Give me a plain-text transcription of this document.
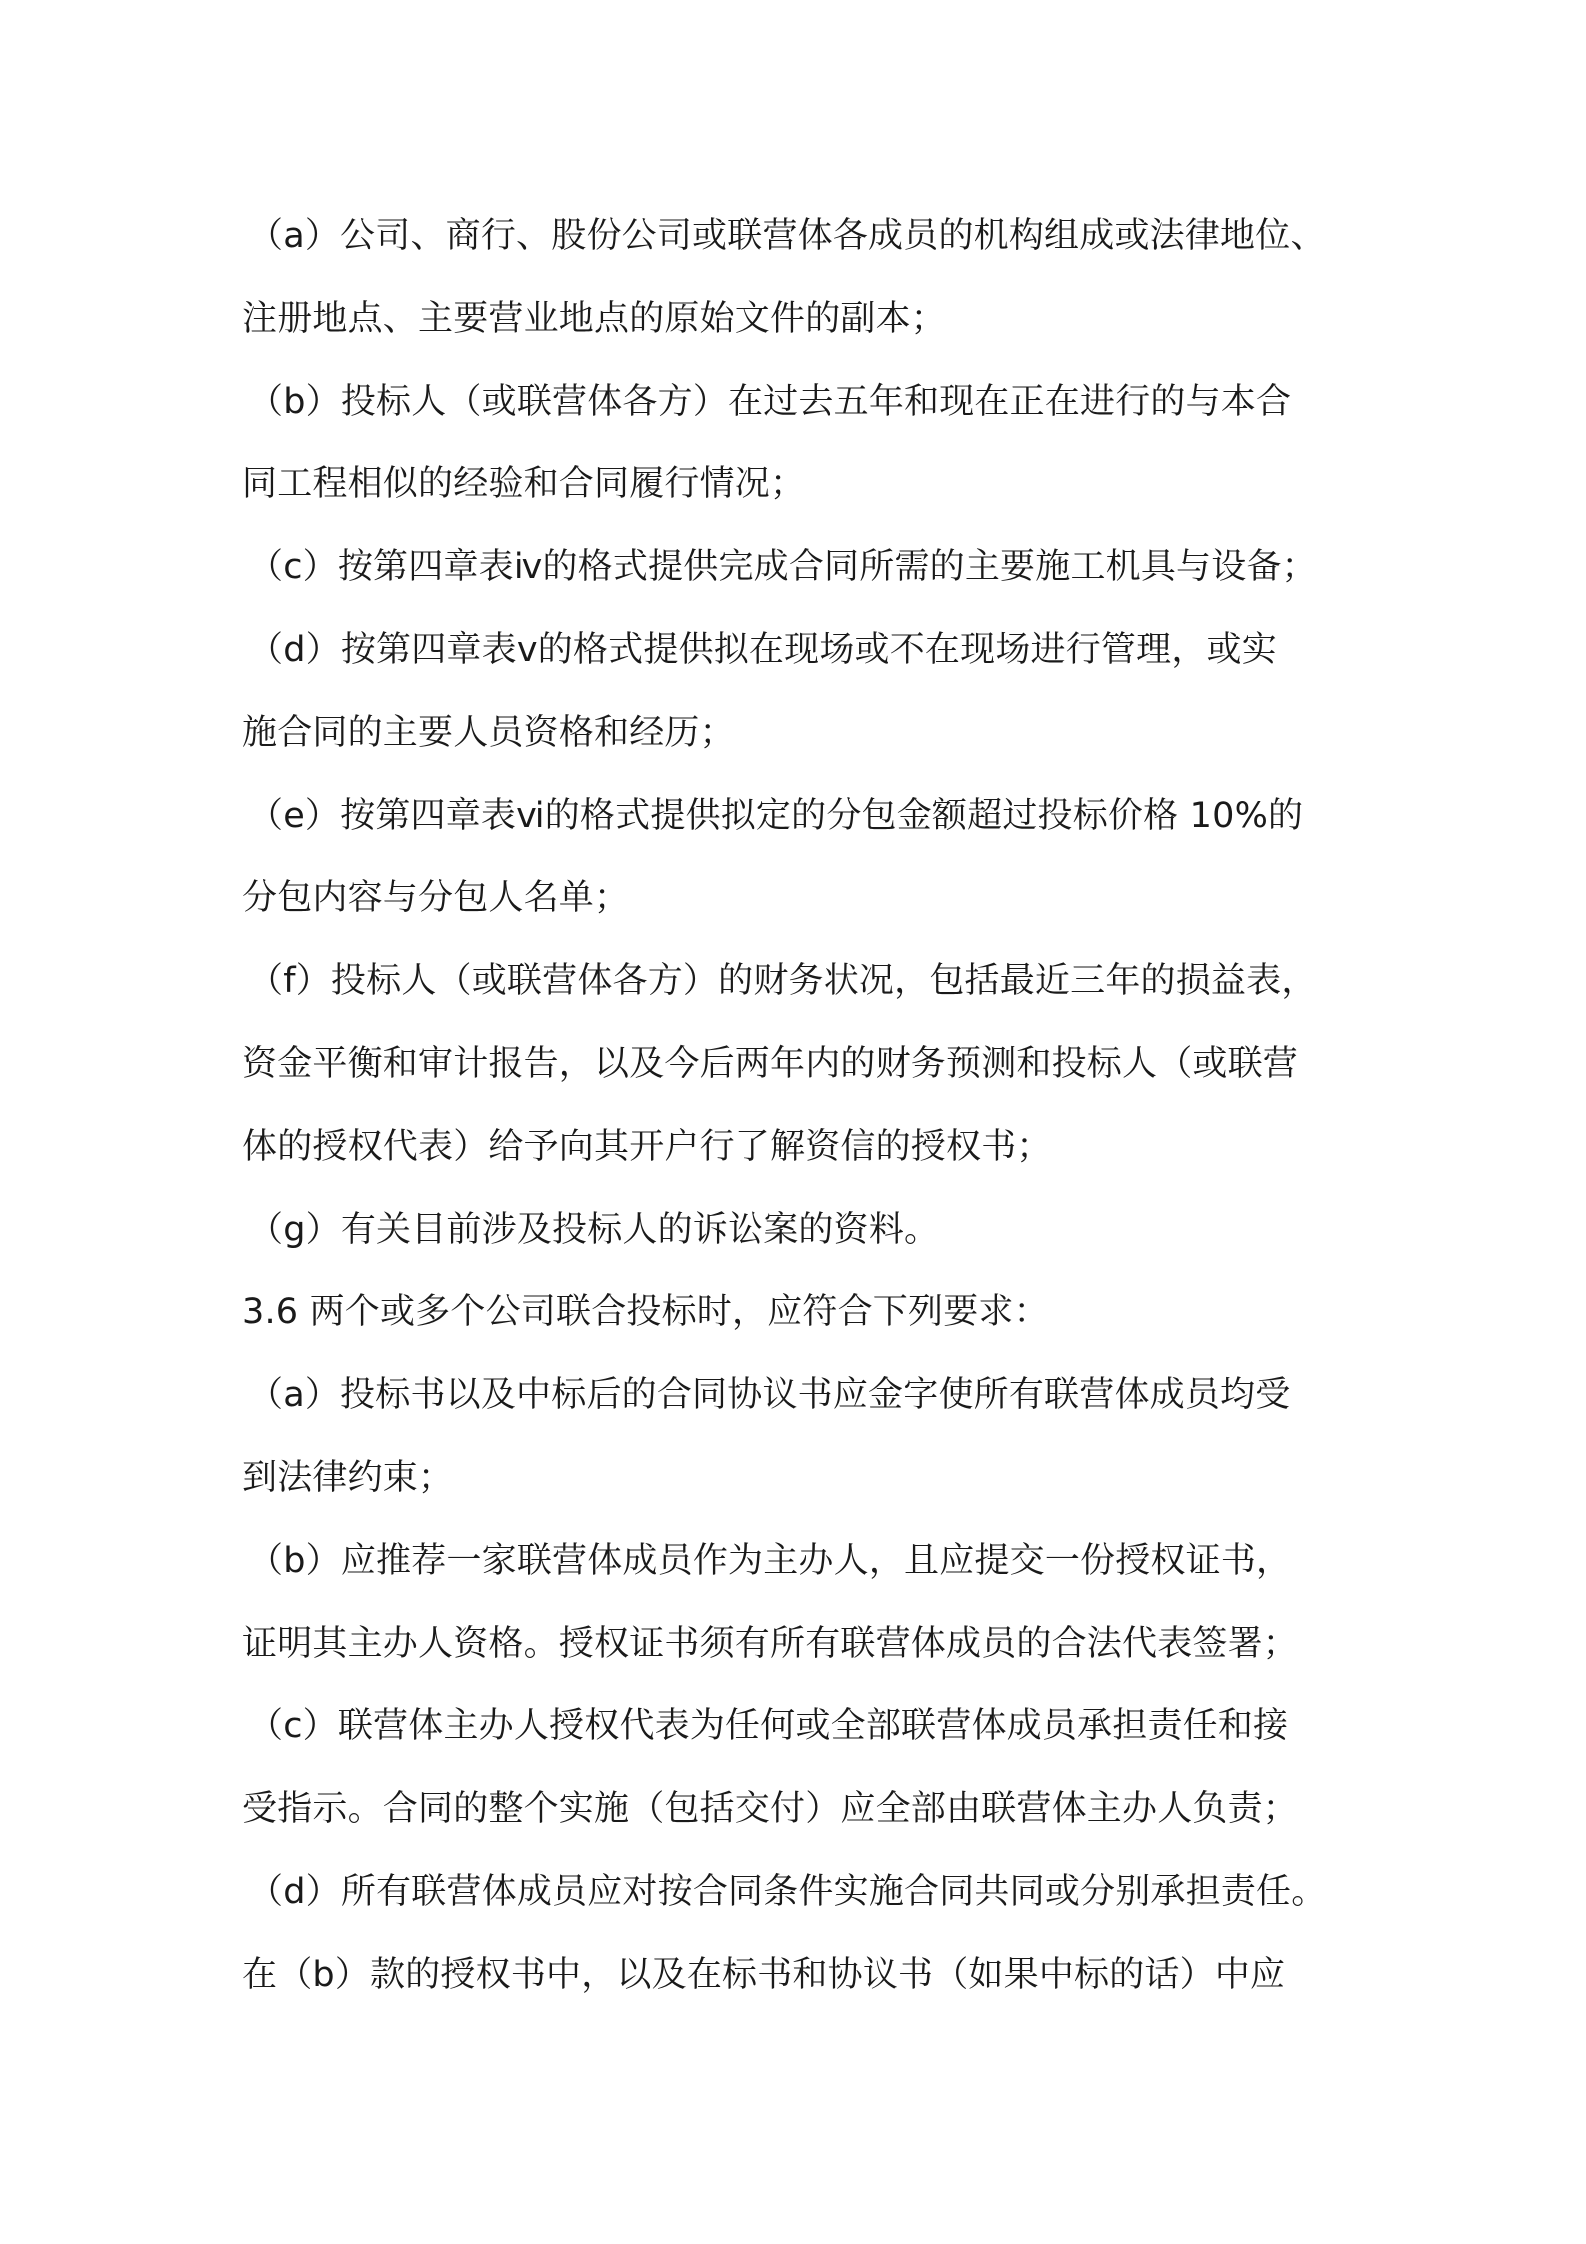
（a）公司、商行、股份公司或联营体各成员的机构组成或法律地位、
注册地点、主要营业地点的原始文件的副本；
（b）投标人（或联营体各方）在过去五年和现在正在进行的与本合
同工程相似的经验和合同履行情况；
（c）按第四章表ⅳ的格式提供完成合同所需的主要施工机具与设备；
（d）按第四章表ⅴ的格式提供拟在现场或不在现场进行管理，或实
施合同的主要人员资格和经历；
（e）按第四章表ⅵ的格式提供拟定的分包金额超过投标价格 10%的
分包内容与分包人名单；
（f）投标人（或联营体各方）的财务状况，包括最近三年的损益表，
资金平衡和审计报告，以及今后两年内的财务预测和投标人（或联营
体的授权代表）给予向其开户行了解资信的授权书；
（g）有关目前涉及投标人的诉讼案的资料。
3.6 两个或多个公司联合投标时，应符合下列要求：
（a）投标书以及中标后的合同协议书应金字使所有联营体成员均受
到法律约束；
（b）应推荐一家联营体成员作为主办人，且应提交一份授权证书，
证明其主办人资格。授权证书须有所有联营体成员的合法代表签署；
（c）联营体主办人授权代表为任何或全部联营体成员承担责任和接
受指示。合同的整个实施（包括交付）应全部由联营体主办人负责；
（d）所有联营体成员应对按合同条件实施合同共同或分别承担责任。
在（b）款的授权书中，以及在标书和协议书（如果中标的话）中应
